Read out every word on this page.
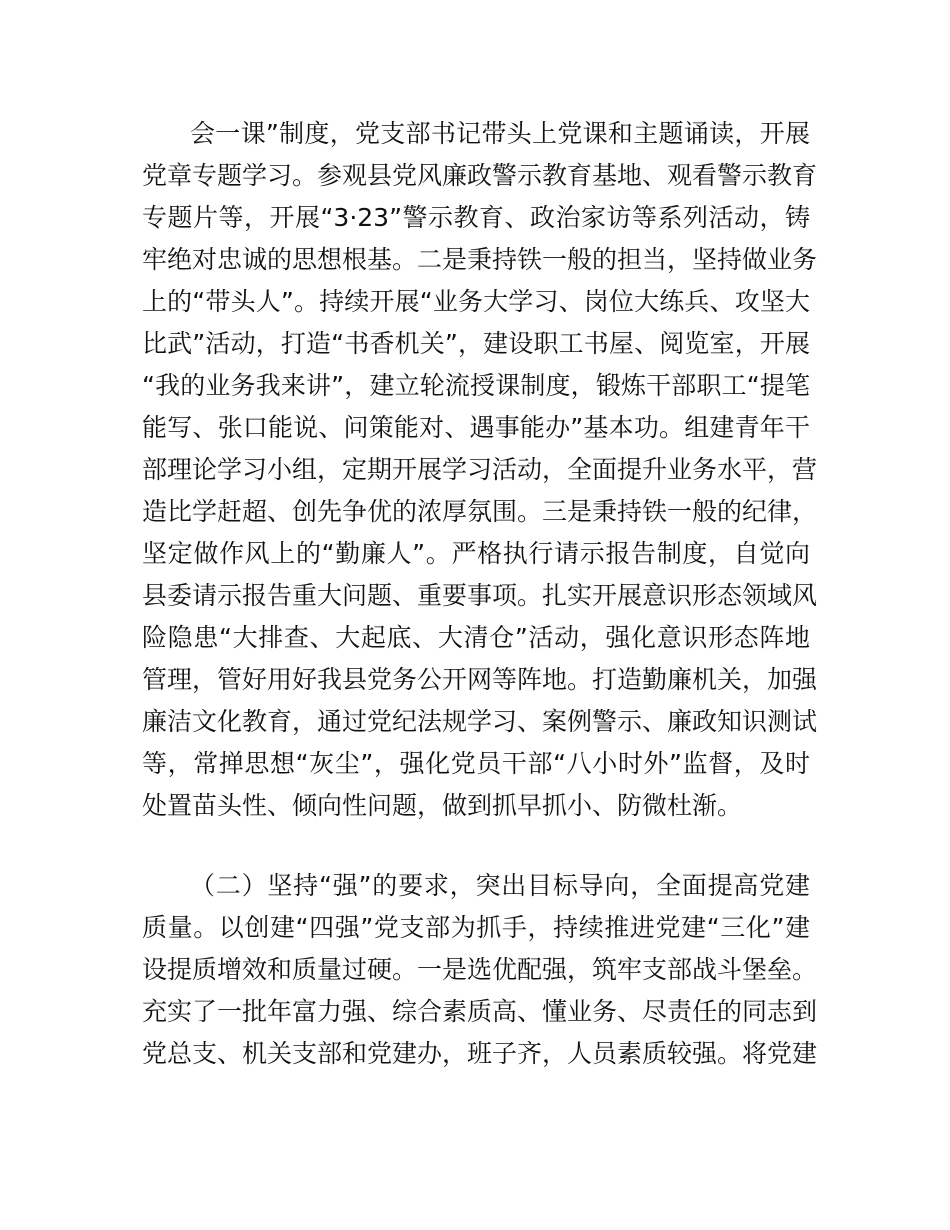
会一课”制度，党支部书记带头上党课和主题诵读，开展
党章专题学习。参观县党风廉政警示教育基地、观看警示教育
专题片等，开展“3·23”警示教育、政治家访等系列活动，铸
牢绝对忠诚的思想根基。二是秉持铁一般的担当，坚持做业务
上的“带头人”。持续开展“业务大学习、岗位大练兵、攻坚大
比武”活动，打造“书香机关”，建设职工书屋、阅览室，开展
“我的业务我来讲”，建立轮流授课制度，锻炼干部职工“提笔
能写、张口能说、问策能对、遇事能办”基本功。组建青年干
部理论学习小组，定期开展学习活动，全面提升业务水平，营
造比学赶超、创先争优的浓厚氛围。三是秉持铁一般的纪律，
坚定做作风上的“勤廉人”。严格执行请示报告制度，自觉向
县委请示报告重大问题、重要事项。扎实开展意识形态领域风
险隐患“大排查、大起底、大清仓”活动，强化意识形态阵地
管理，管好用好我县党务公开网等阵地。打造勤廉机关，加强
廉洁文化教育，通过党纪法规学习、案例警示、廉政知识测试
等，常掸思想“灰尘”，强化党员干部“八小时外”监督，及时
处置苗头性、倾向性问题，做到抓早抓小、防微杜渐。
（二）坚持“强”的要求，突出目标导向，全面提高党建
质量。以创建“四强”党支部为抓手，持续推进党建“三化”建
设提质增效和质量过硬。一是选优配强，筑牢支部战斗堡垒。
充实了一批年富力强、综合素质高、懂业务、尽责任的同志到
党总支、机关支部和党建办，班子齐，人员素质较强。将党建
